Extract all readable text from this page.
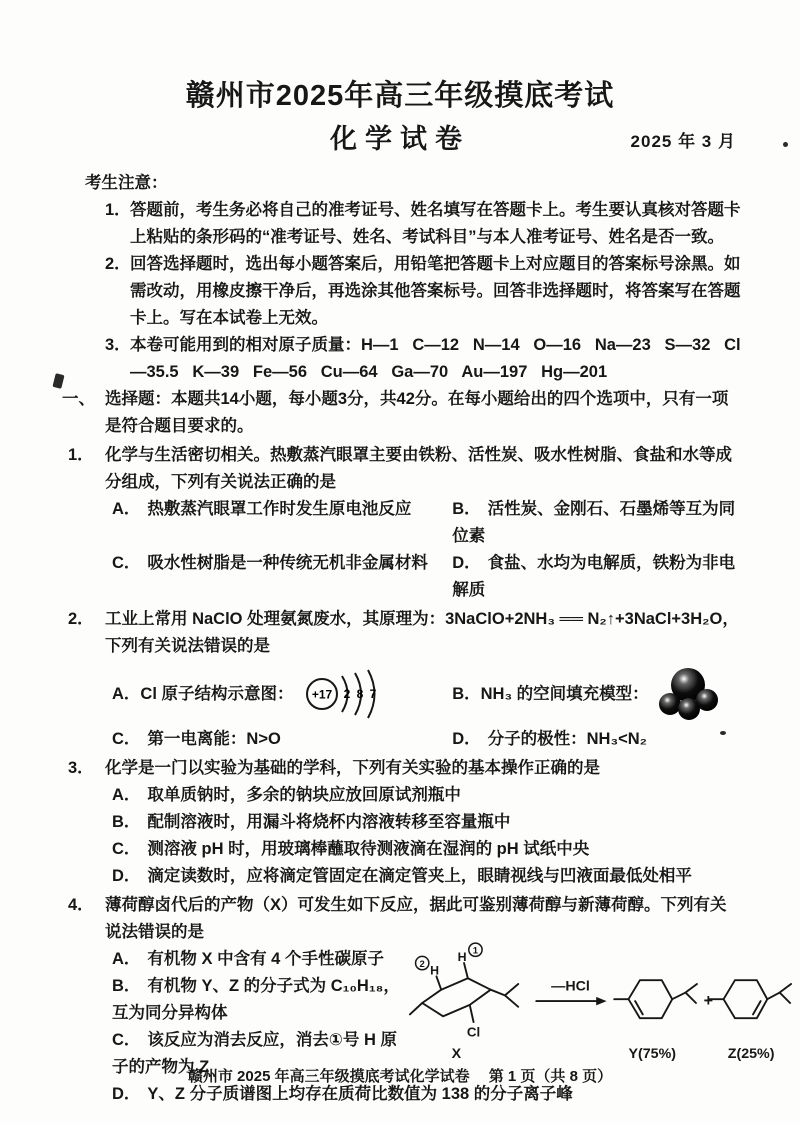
赣州市2025年高三年级摸底考试
化学试卷	2025 年 3 月
考生注意：
1． 答题前，考生务必将自己的准考证号、姓名填写在答题卡上。考生要认真核对答题卡上粘贴的条形码的“准考证号、姓名、考试科目”与本人准考证号、姓名是否一致。
2． 回答选择题时，选出每小题答案后，用铅笔把答题卡上对应题目的答案标号涂黑。如需改动，用橡皮擦干净后，再选涂其他答案标号。回答非选择题时，将答案写在答题卡上。写在本试卷上无效。
3． 本卷可能用到的相对原子质量：H—1   C—12   N—14   O—16   Na—23   S—32   Cl—35.5   K—39   Fe—56   Cu—64   Ga—70   Au—197   Hg—201
一、 选择题：本题共14小题，每小题3分，共42分。在每小题给出的四个选项中，只有一项是符合题目要求的。
1． 化学与生活密切相关。热敷蒸汽眼罩主要由铁粉、活性炭、吸水性树脂、食盐和水等成分组成，下列有关说法正确的是
A． 热敷蒸汽眼罩工作时发生原电池反应	B． 活性炭、金刚石、石墨烯等互为同位素
C． 吸水性树脂是一种传统无机非金属材料	D． 食盐、水均为电解质，铁粉为非电解质
2． 工业上常用 NaClO 处理氨氮废水，其原理为：3NaClO+2NH₃ ══ N₂↑+3NaCl+3H₂O，下列有关说法错误的是
A． Cl 原子结构示意图： +17 2 8 7	B． NH₃ 的空间填充模型：
C． 第一电离能：N>O	D． 分子的极性：NH₃<N₂
3． 化学是一门以实验为基础的学科，下列有关实验的基本操作正确的是
A． 取单质钠时，多余的钠块应放回原试剂瓶中
B． 配制溶液时，用漏斗将烧杯内溶液转移至容量瓶中
C． 测溶液 pH 时，用玻璃棒蘸取待测液滴在湿润的 pH 试纸中央
D． 滴定读数时，应将滴定管固定在滴定管夹上，眼睛视线与凹液面最低处相平
4． 薄荷醇卤代后的产物（X）可发生如下反应，据此可鉴别薄荷醇与新薄荷醇。下列有关说法错误的是
A． 有机物 X 中含有 4 个手性碳原子
B． 有机物 Y、Z 的分子式为 C₁₀H₁₈，互为同分异构体
C． 该反应为消去反应，消去①号 H 原子的产物为 Z
Cl
H 1
H
2
—HCl
+
X	Y(75%)	Z(25%)
D． Y、Z 分子质谱图上均存在质荷比数值为 138 的分子离子峰
赣州市 2025 年高三年级摸底考试化学试卷　 第 1 页（共 8 页）
